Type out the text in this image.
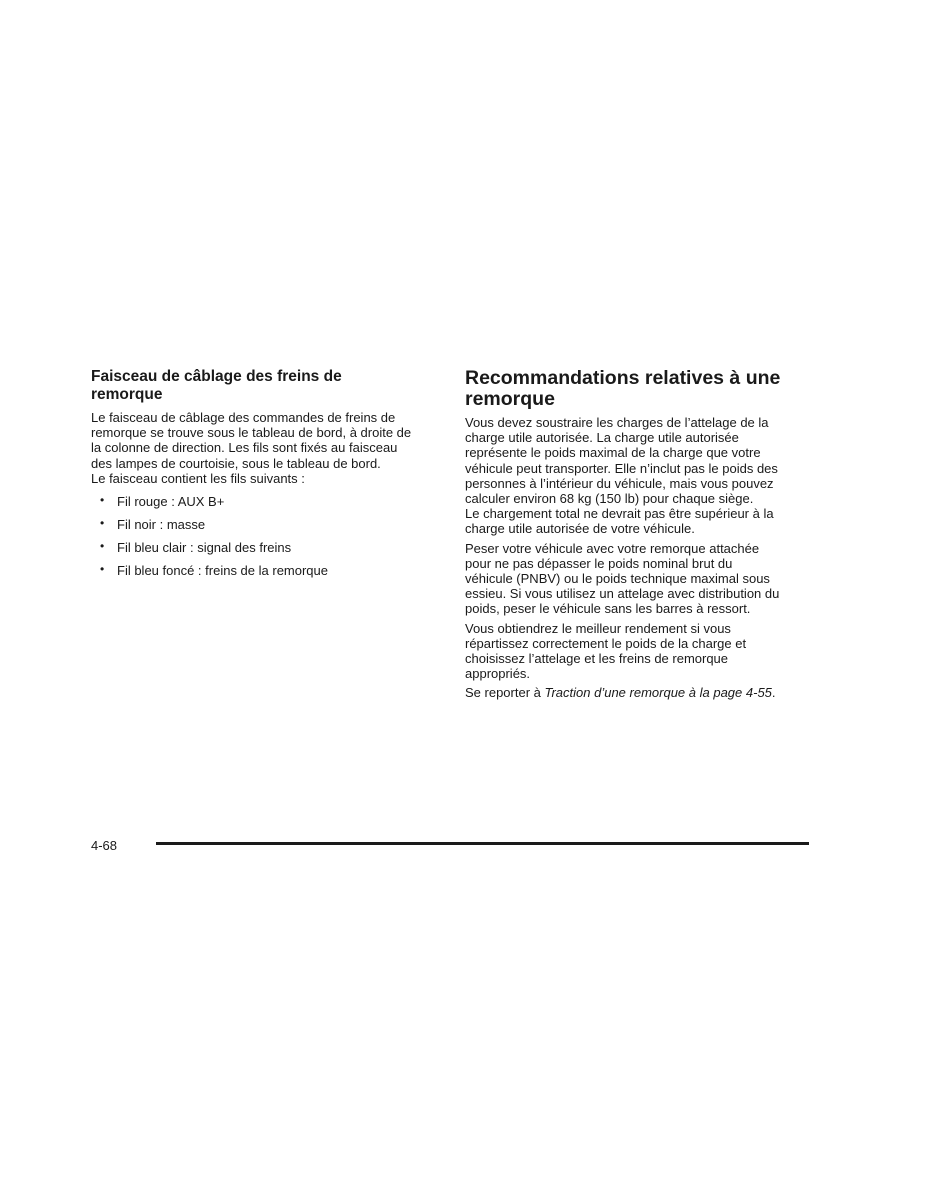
Faisceau de câblage des freins de
remorque

Le faisceau de câblage des commandes de freins de
remorque se trouve sous le tableau de bord, à droite de
la colonne de direction. Les fils sont fixés au faisceau
des lampes de courtoisie, sous le tableau de bord.
Le faisceau contient les fils suivants :

• Fil rouge : AUX B+
• Fil noir : masse
• Fil bleu clair : signal des freins
• Fil bleu foncé : freins de la remorque
Recommandations relatives à une
remorque

Vous devez soustraire les charges de l’attelage de la
charge utile autorisée. La charge utile autorisée
représente le poids maximal de la charge que votre
véhicule peut transporter. Elle n’inclut pas le poids des
personnes à l’intérieur du véhicule, mais vous pouvez
calculer environ 68 kg (150 lb) pour chaque siège.
Le chargement total ne devrait pas être supérieur à la
charge utile autorisée de votre véhicule.

Peser votre véhicule avec votre remorque attachée
pour ne pas dépasser le poids nominal brut du
véhicule (PNBV) ou le poids technique maximal sous
essieu. Si vous utilisez un attelage avec distribution du
poids, peser le véhicule sans les barres à ressort.

Vous obtiendrez le meilleur rendement si vous
répartissez correctement le poids de la charge et
choisissez l’attelage et les freins de remorque
appropriés.

Se reporter à Traction d’une remorque à la page 4-55.

4-68
